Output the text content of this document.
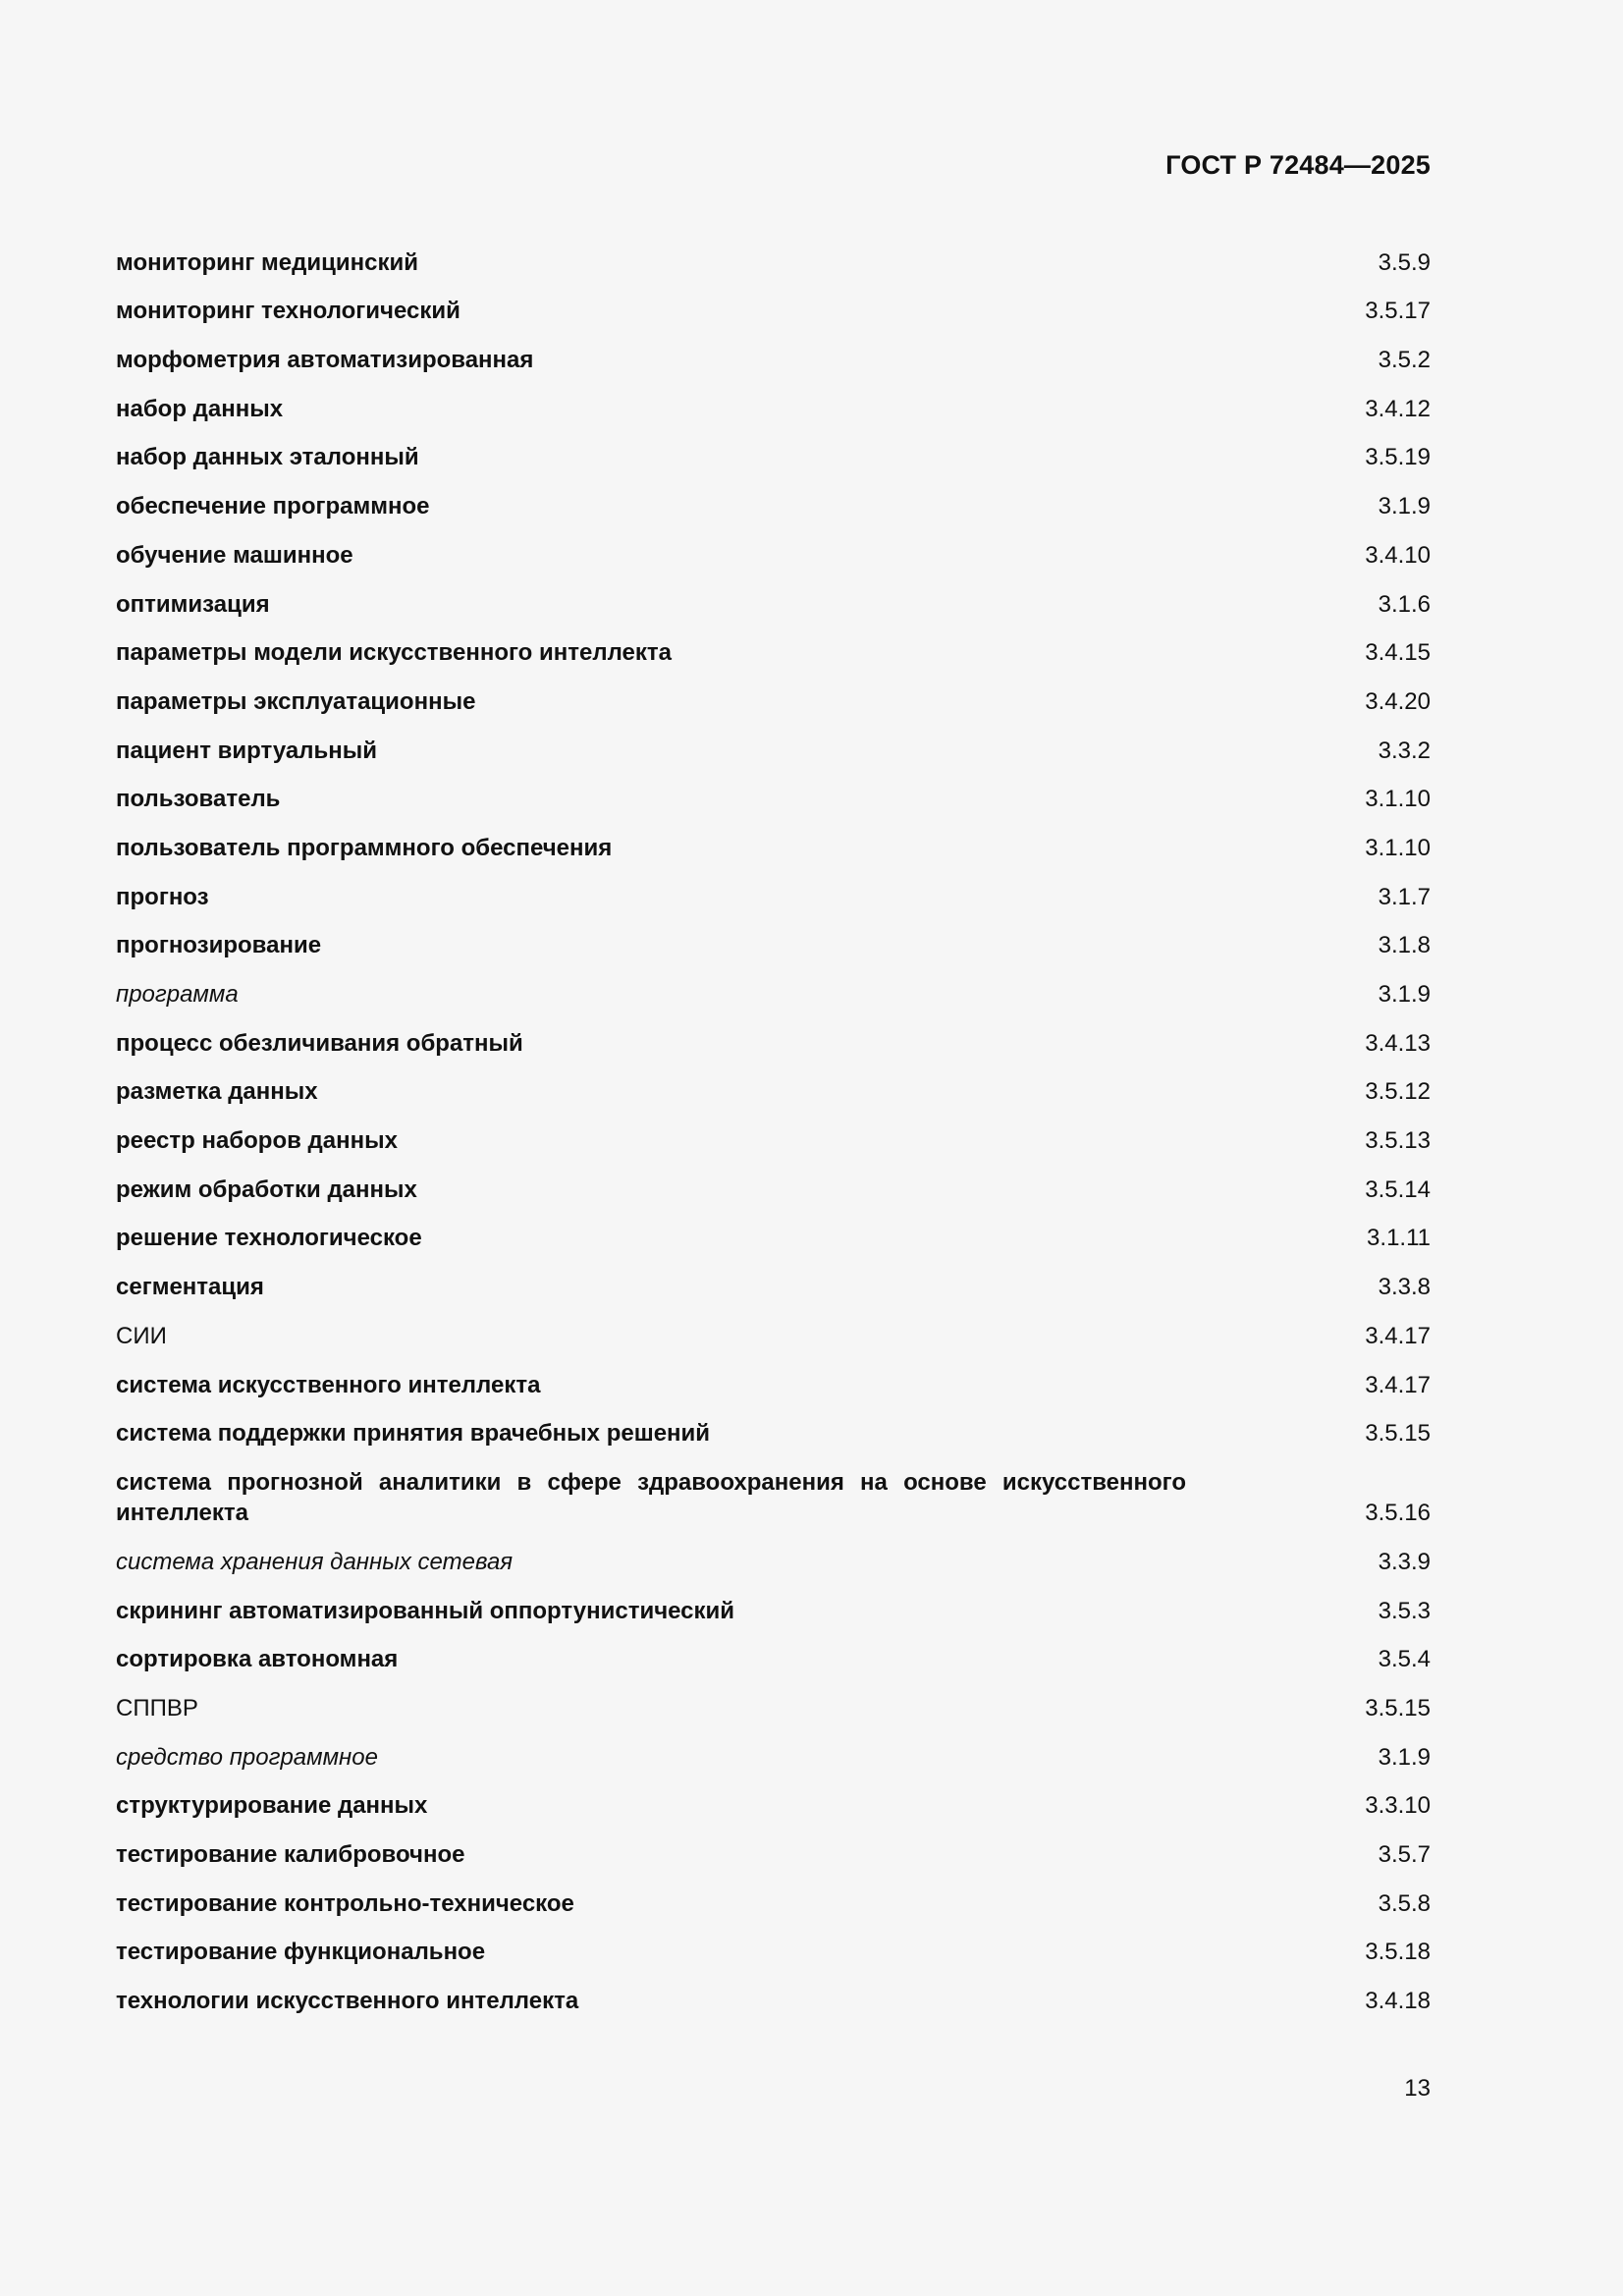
ГОСТ Р 72484—2025
мониторинг медицинский	3.5.9
мониторинг технологический	3.5.17
морфометрия автоматизированная	3.5.2
набор данных	3.4.12
набор данных эталонный	3.5.19
обеспечение программное	3.1.9
обучение машинное	3.4.10
оптимизация	3.1.6
параметры модели искусственного интеллекта	3.4.15
параметры эксплуатационные	3.4.20
пациент виртуальный	3.3.2
пользователь	3.1.10
пользователь программного обеспечения	3.1.10
прогноз	3.1.7
прогнозирование	3.1.8
программа	3.1.9
процесс обезличивания обратный	3.4.13
разметка данных	3.5.12
реестр наборов данных	3.5.13
режим обработки данных	3.5.14
решение технологическое	3.1.11
сегментация	3.3.8
СИИ	3.4.17
система искусственного интеллекта	3.4.17
система поддержки принятия врачебных решений	3.5.15
система прогнозной аналитики в сфере здравоохранения на основе искусственного интеллекта	3.5.16
система хранения данных сетевая	3.3.9
скрининг автоматизированный оппортунистический	3.5.3
сортировка автономная	3.5.4
СППВР	3.5.15
средство программное	3.1.9
структурирование данных	3.3.10
тестирование калибровочное	3.5.7
тестирование контрольно-техническое	3.5.8
тестирование функциональное	3.5.18
технологии искусственного интеллекта	3.4.18
13
